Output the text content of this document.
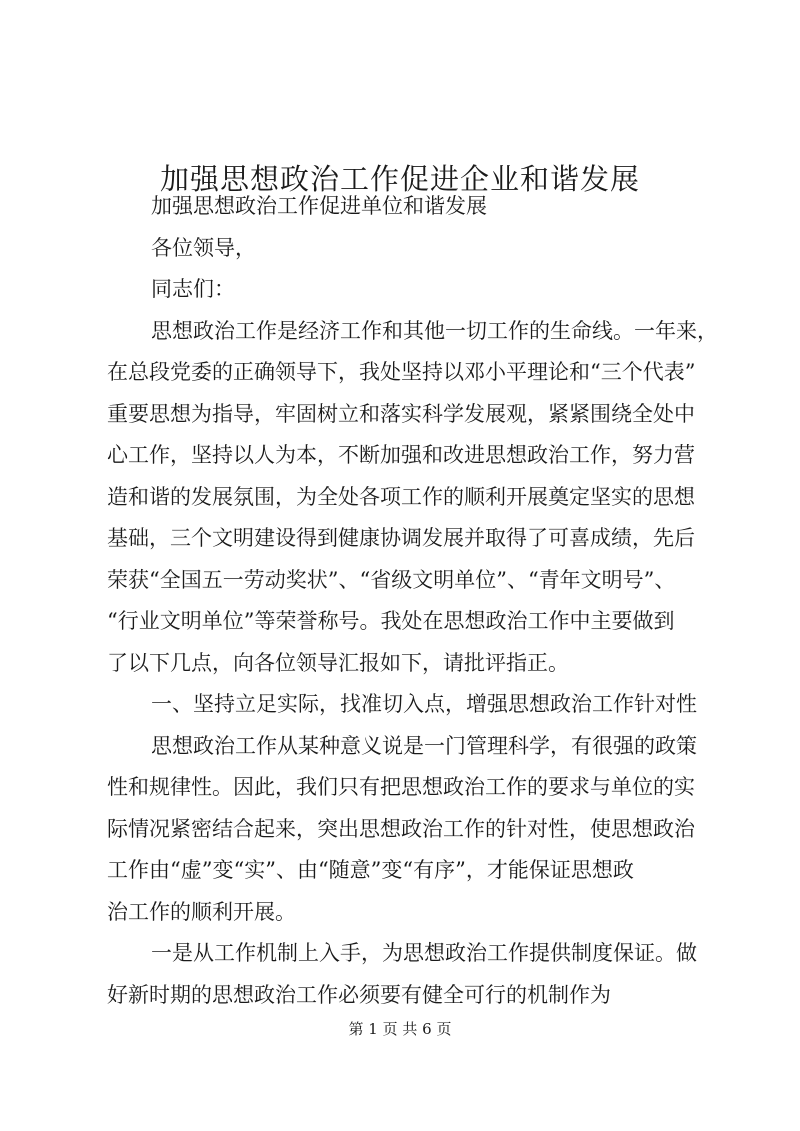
加强思想政治工作促进企业和谐发展
加强思想政治工作促进单位和谐发展
各位领导，
同志们：
思想政治工作是经济工作和其他一切工作的生命线。一年来，
在总段党委的正确领导下，我处坚持以邓小平理论和“三个代表”
重要思想为指导，牢固树立和落实科学发展观，紧紧围绕全处中
心工作，坚持以人为本，不断加强和改进思想政治工作，努力营
造和谐的发展氛围，为全处各项工作的顺利开展奠定坚实的思想
基础，三个文明建设得到健康协调发展并取得了可喜成绩，先后
荣获“全国五一劳动奖状”、“省级文明单位”、“青年文明号”、
“行业文明单位”等荣誉称号。我处在思想政治工作中主要做到
了以下几点，向各位领导汇报如下，请批评指正。
一、坚持立足实际，找准切入点，增强思想政治工作针对性
思想政治工作从某种意义说是一门管理科学，有很强的政策
性和规律性。因此，我们只有把思想政治工作的要求与单位的实
际情况紧密结合起来，突出思想政治工作的针对性，使思想政治
工作由“虚”变“实”、由“随意”变“有序”，才能保证思想政
治工作的顺利开展。
一是从工作机制上入手，为思想政治工作提供制度保证。做
好新时期的思想政治工作必须要有健全可行的机制作为
第 1 页 共 6 页
